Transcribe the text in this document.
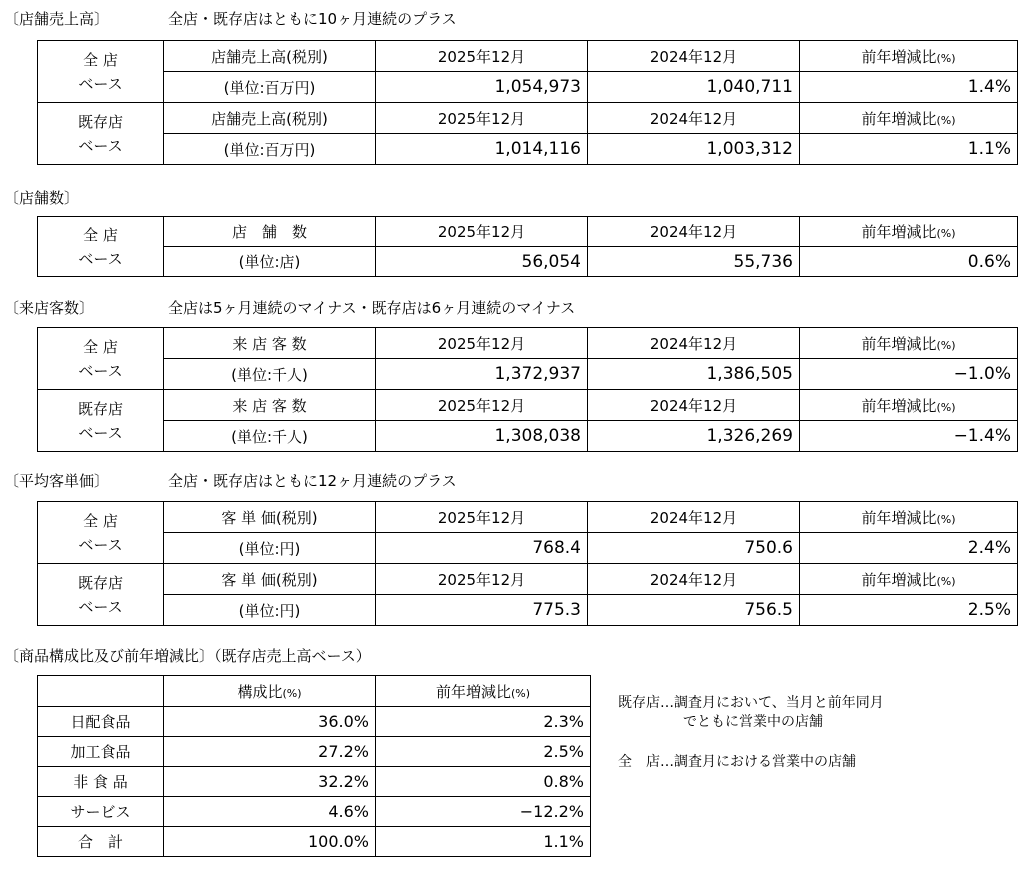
〔店舗売上高〕	全店・既存店はともに10ヶ月連続のプラス
全 店
ベース	店舗売上高(税別)	2025年12月	2024年12月	前年増減比(%)
	(単位:百万円)	1,054,973	1,040,711	1.4%
既存店
ベース	店舗売上高(税別)	2025年12月	2024年12月	前年増減比(%)
	(単位:百万円)	1,014,116	1,003,312	1.1%
〔店舗数〕
全 店
ベース	店　舗　数	2025年12月	2024年12月	前年増減比(%)
	(単位:店)	56,054	55,736	0.6%
〔来店客数〕	全店は5ヶ月連続のマイナス・既存店は6ヶ月連続のマイナス
全 店
ベース	来 店 客 数	2025年12月	2024年12月	前年増減比(%)
	(単位:千人)	1,372,937	1,386,505	−1.0%
既存店
ベース	来 店 客 数	2025年12月	2024年12月	前年増減比(%)
	(単位:千人)	1,308,038	1,326,269	−1.4%
〔平均客単価〕	全店・既存店はともに12ヶ月連続のプラス
全 店
ベース	客 単 価(税別)	2025年12月	2024年12月	前年増減比(%)
	(単位:円)	768.4	750.6	2.4%
既存店
ベース	客 単 価(税別)	2025年12月	2024年12月	前年増減比(%)
	(単位:円)	775.3	756.5	2.5%
〔商品構成比及び前年増減比〕（既存店売上高ベース）
	構成比(%)	前年増減比(%)
日配食品	36.0%	2.3%
加工食品	27.2%	2.5%
非 食 品	32.2%	0.8%
サービス	4.6%	−12.2%
合　計	100.0%	1.1%
既存店…調査月において、当月と前年同月
でともに営業中の店舗
全　店…調査月における営業中の店舗
